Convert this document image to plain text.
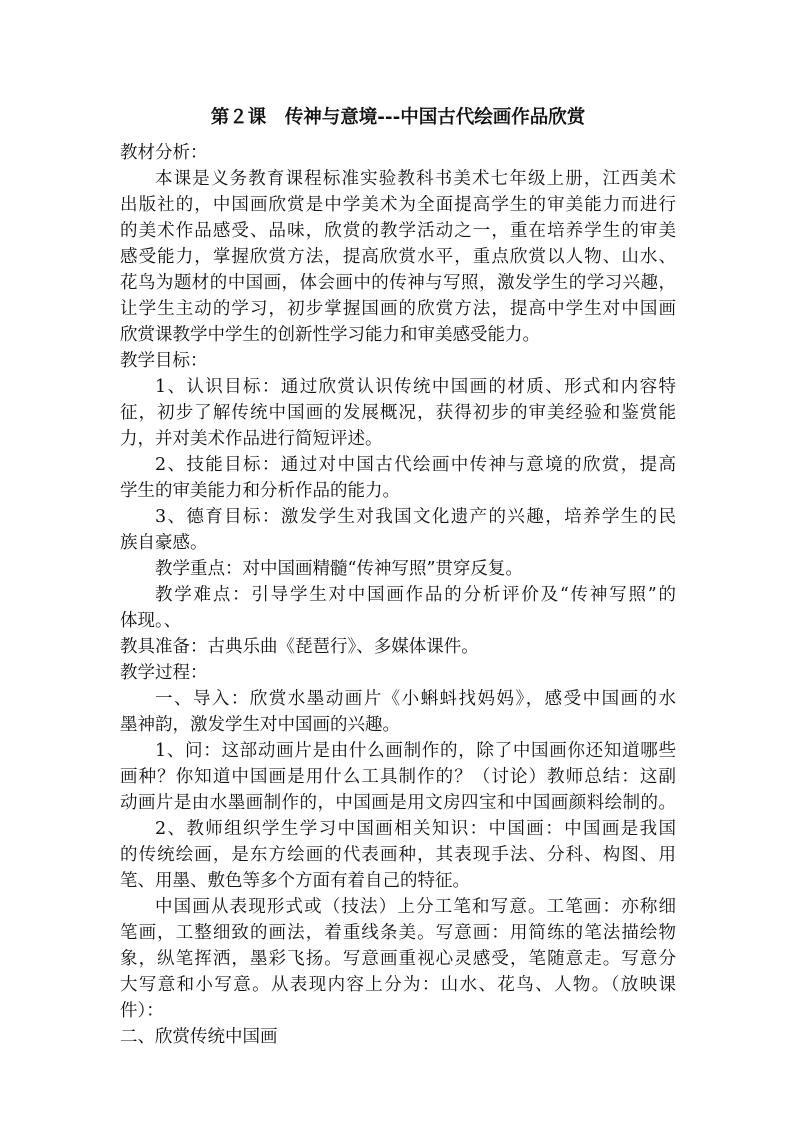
第２课　传神与意境---中国古代绘画作品欣赏
教材分析：
本课是义务教育课程标准实验教科书美术七年级上册，江西美术
出版社的，中国画欣赏是中学美术为全面提高学生的审美能力而进行
的美术作品感受、品味，欣赏的教学活动之一，重在培养学生的审美
感受能力，掌握欣赏方法，提高欣赏水平，重点欣赏以人物、山水、
花鸟为题材的中国画，体会画中的传神与写照，激发学生的学习兴趣，
让学生主动的学习，初步掌握国画的欣赏方法，提高中学生对中国画
欣赏课教学中学生的创新性学习能力和审美感受能力。
教学目标：
1、认识目标：通过欣赏认识传统中国画的材质、形式和内容特
征，初步了解传统中国画的发展概况，获得初步的审美经验和鉴赏能
力，并对美术作品进行简短评述。
2、技能目标：通过对中国古代绘画中传神与意境的欣赏，提高
学生的审美能力和分析作品的能力。
3、德育目标：激发学生对我国文化遗产的兴趣，培养学生的民
族自豪感。
教学重点：对中国画精髓“传神写照”贯穿反复。
教学难点：引导学生对中国画作品的分析评价及“传神写照”的
体现。、
教具准备：古典乐曲《琵琶行》、多媒体课件。
教学过程：
一、导入：欣赏水墨动画片《小蝌蚪找妈妈》，感受中国画的水
墨神韵，激发学生对中国画的兴趣。
1、问：这部动画片是由什么画制作的，除了中国画你还知道哪些
画种？你知道中国画是用什么工具制作的？（讨论）教师总结：这副
动画片是由水墨画制作的，中国画是用文房四宝和中国画颜料绘制的。
2、教师组织学生学习中国画相关知识：中国画：中国画是我国
的传统绘画，是东方绘画的代表画种，其表现手法、分科、构图、用
笔、用墨、敷色等多个方面有着自己的特征。
中国画从表现形式或（技法）上分工笔和写意。工笔画：亦称细
笔画，工整细致的画法，着重线条美。写意画：用简练的笔法描绘物
象，纵笔挥洒，墨彩飞扬。写意画重视心灵感受，笔随意走。写意分
大写意和小写意。从表现内容上分为：山水、花鸟、人物。（放映课
件）：
二、欣赏传统中国画
